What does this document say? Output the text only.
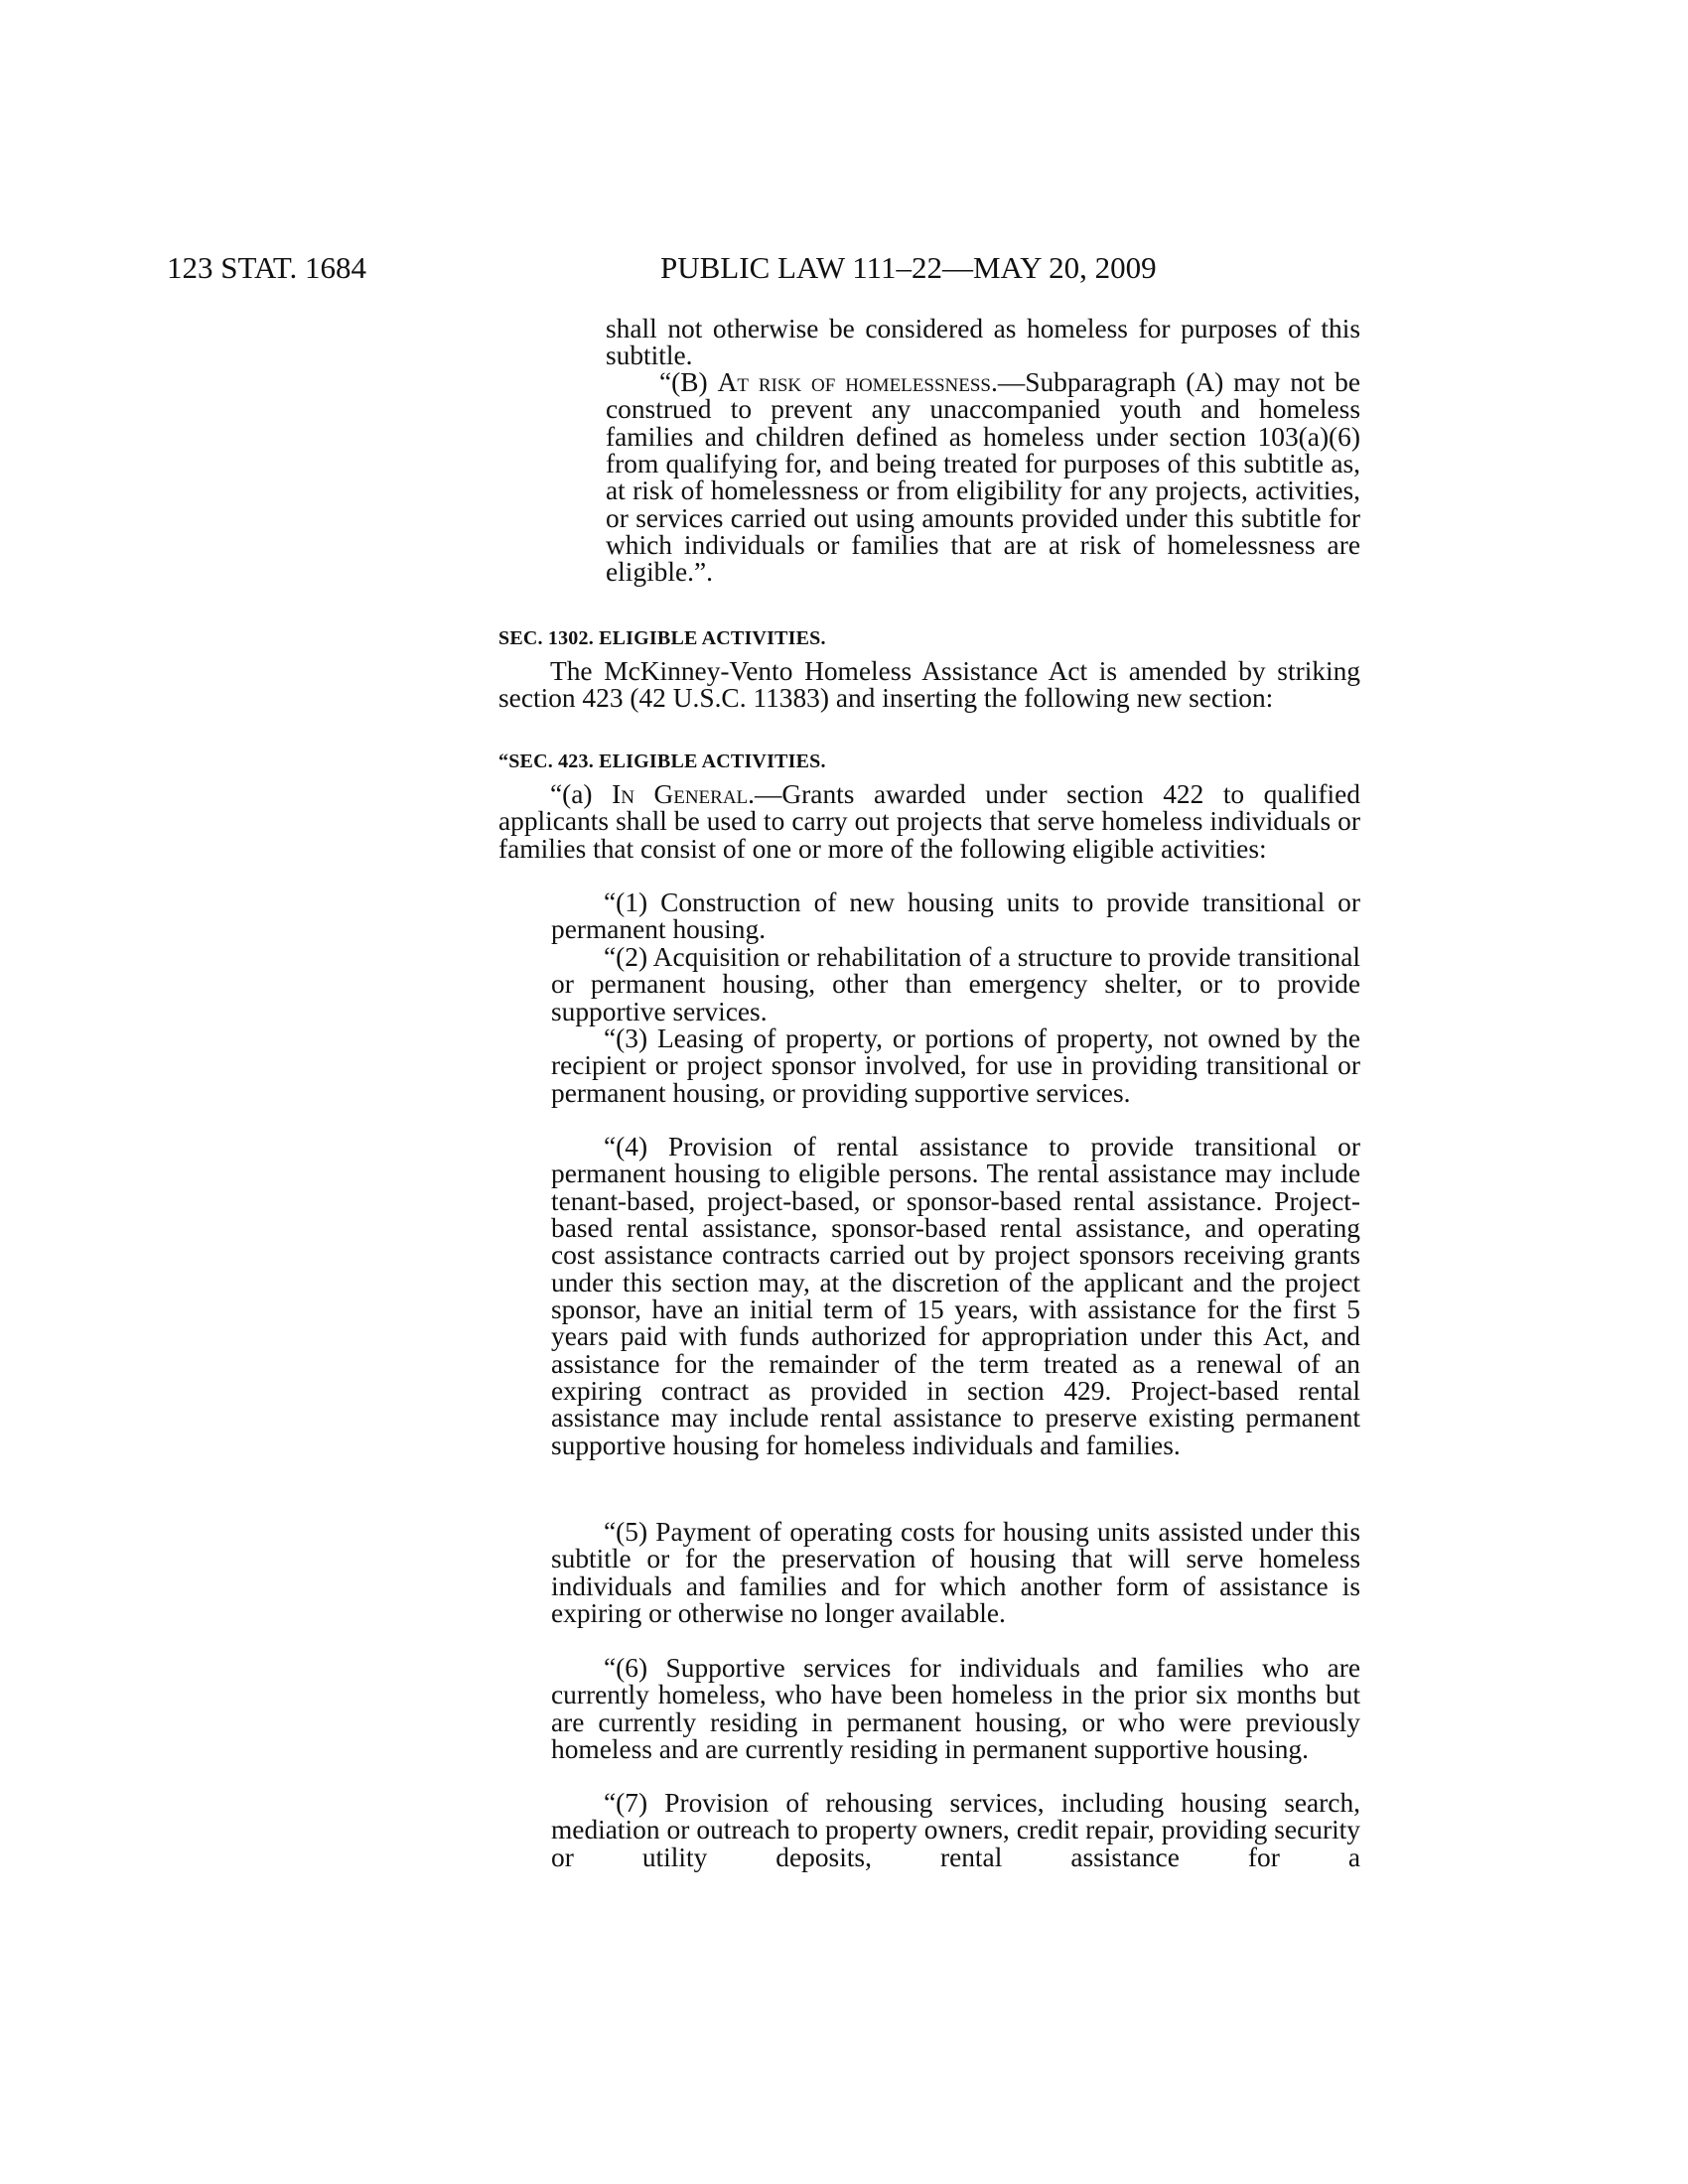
123 STAT. 1684	PUBLIC LAW 111–22—MAY 20, 2009

shall not otherwise be considered as homeless for purposes of this subtitle.

“(B) At risk of homelessness.—Subparagraph (A) may not be construed to prevent any unaccompanied youth and homeless families and children defined as homeless under section 103(a)(6) from qualifying for, and being treated for purposes of this subtitle as, at risk of homelessness or from eligibility for any projects, activities, or services carried out using amounts provided under this subtitle for which individuals or families that are at risk of homelessness are eligible.”.

SEC. 1302. ELIGIBLE ACTIVITIES.

The McKinney-Vento Homeless Assistance Act is amended by striking section 423 (42 U.S.C. 11383) and inserting the following new section:

“SEC. 423. ELIGIBLE ACTIVITIES.

“(a) In General.—Grants awarded under section 422 to qualified applicants shall be used to carry out projects that serve homeless individuals or families that consist of one or more of the following eligible activities:

“(1) Construction of new housing units to provide transitional or permanent housing.

“(2) Acquisition or rehabilitation of a structure to provide transitional or permanent housing, other than emergency shelter, or to provide supportive services.

“(3) Leasing of property, or portions of property, not owned by the recipient or project sponsor involved, for use in providing transitional or permanent housing, or providing supportive services.

“(4) Provision of rental assistance to provide transitional or permanent housing to eligible persons. The rental assistance may include tenant-based, project-based, or sponsor-based rental assistance. Project-based rental assistance, sponsor-based rental assistance, and operating cost assistance contracts carried out by project sponsors receiving grants under this section may, at the discretion of the applicant and the project sponsor, have an initial term of 15 years, with assistance for the first 5 years paid with funds authorized for appropriation under this Act, and assistance for the remainder of the term treated as a renewal of an expiring contract as provided in section 429. Project-based rental assistance may include rental assistance to preserve existing permanent supportive housing for homeless individuals and families.

“(5) Payment of operating costs for housing units assisted under this subtitle or for the preservation of housing that will serve homeless individuals and families and for which another form of assistance is expiring or otherwise no longer available.

“(6) Supportive services for individuals and families who are currently homeless, who have been homeless in the prior six months but are currently residing in permanent housing, or who were previously homeless and are currently residing in permanent supportive housing.

“(7) Provision of rehousing services, including housing search, mediation or outreach to property owners, credit repair, providing security or utility deposits, rental assistance for a
